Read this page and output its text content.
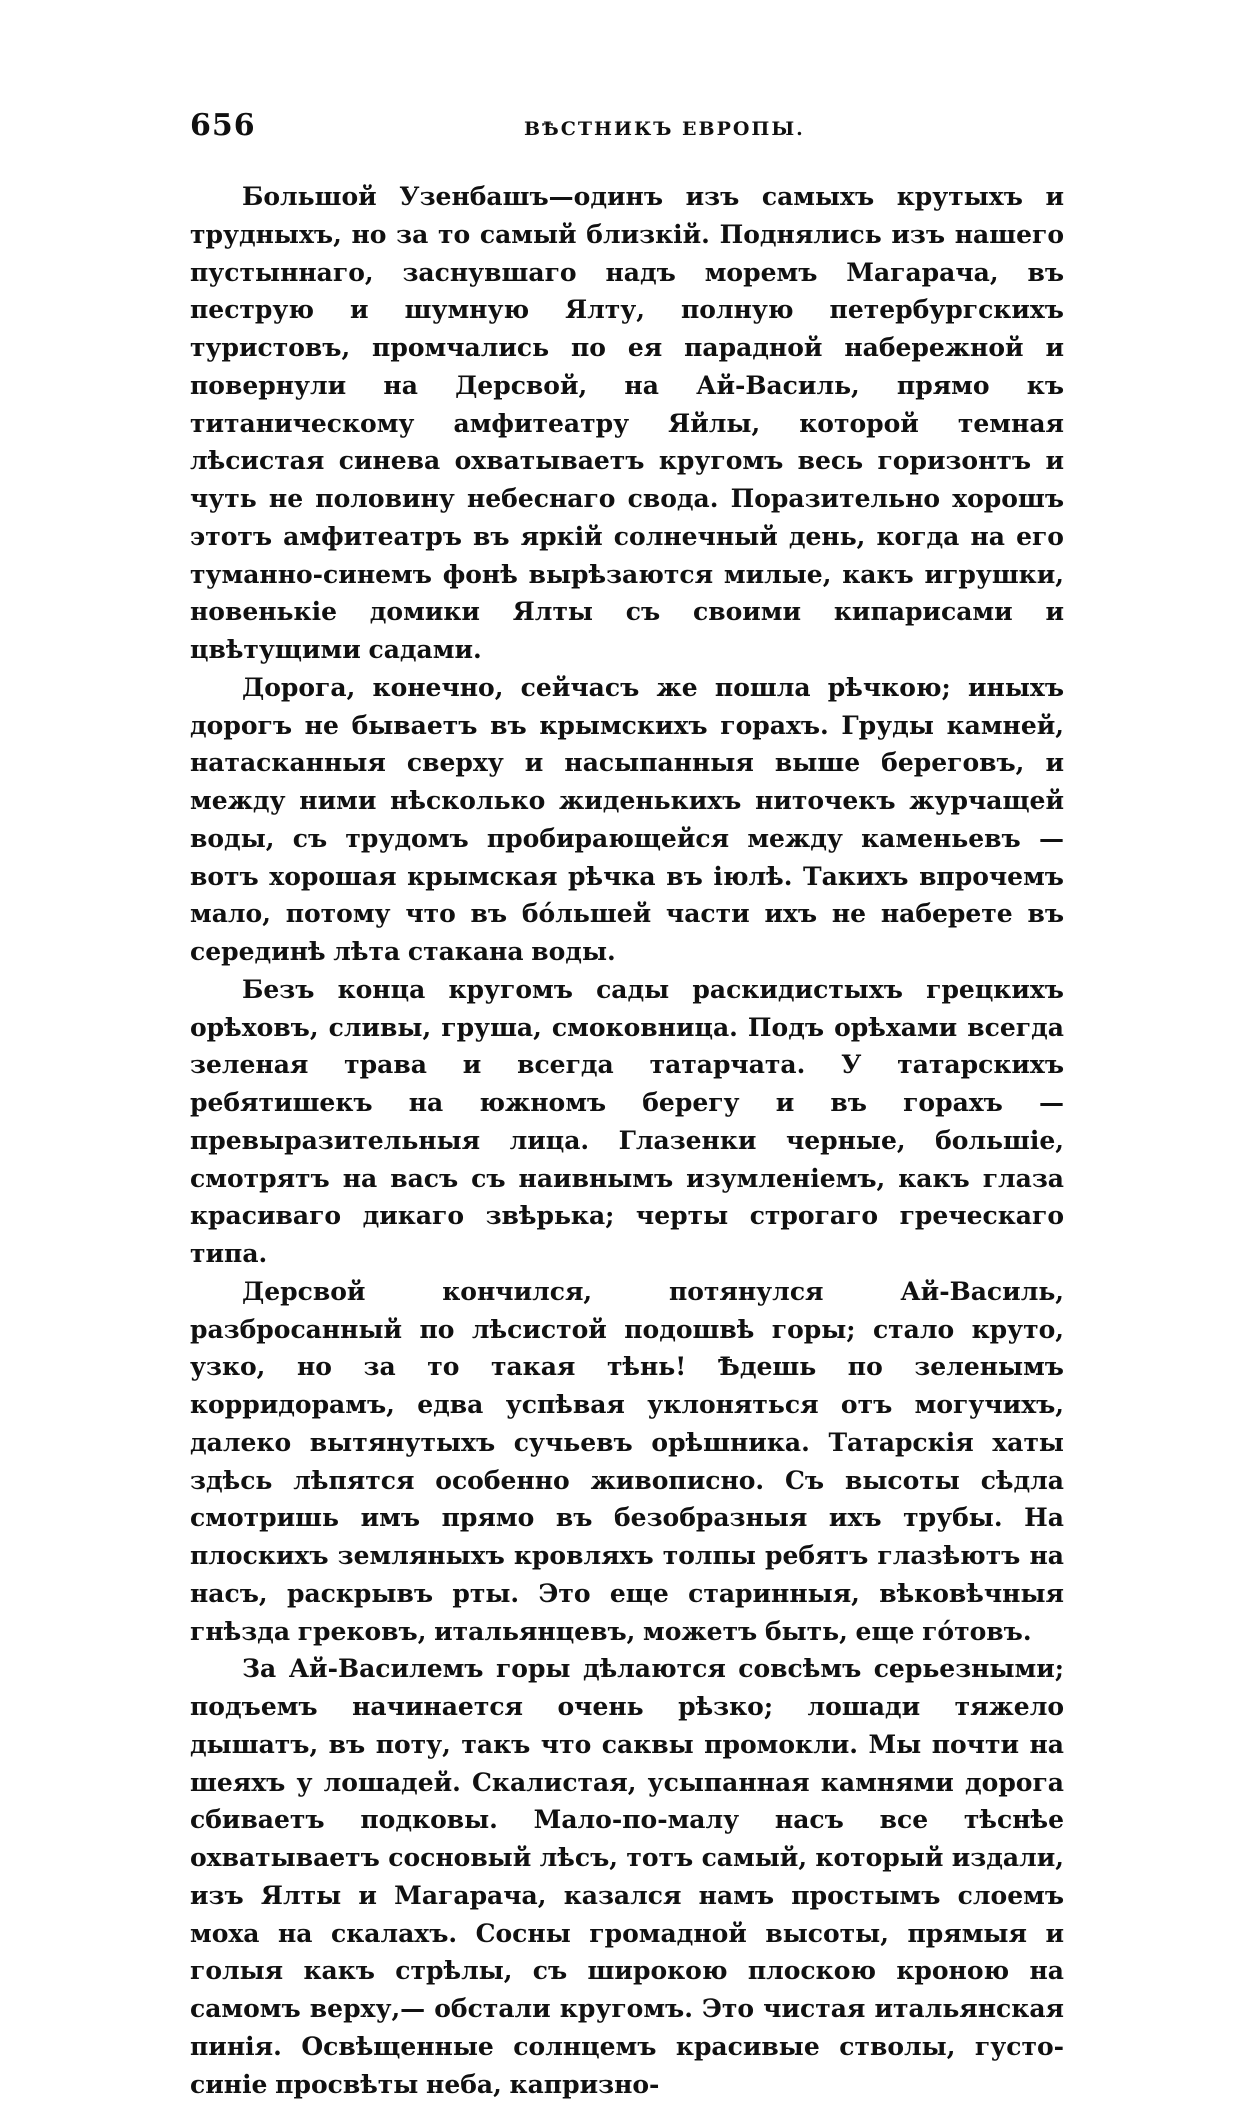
656	ВѢСТНИКЪ ЕВРОПЫ.

Большой Узенбашъ—одинъ изъ самыхъ крутыхъ и трудныхъ, но за то самый близкій. Поднялись изъ нашего пустыннаго, заснувшаго надъ моремъ Магарача, въ пеструю и шумную Ялту, полную петербургскихъ туристовъ, промчались по ея парадной набережной и повернули на Дерсвой, на Ай-Василь, прямо къ титаническому амфитеатру Яйлы, которой темная лѣсистая синева охватываетъ кругомъ весь горизонтъ и чуть не половину небеснаго свода. Поразительно хорошъ этотъ амфитеатръ въ яркій солнечный день, когда на его туманно-синемъ фонѣ вырѣзаются милые, какъ игрушки, новенькіе домики Ялты съ своими кипарисами и цвѣтущими садами.

Дорога, конечно, сейчасъ же пошла рѣчкою; иныхъ дорогъ не бываетъ въ крымскихъ горахъ. Груды камней, натасканныя сверху и насыпанныя выше береговъ, и между ними нѣсколько жиденькихъ ниточекъ журчащей воды, съ трудомъ пробирающейся между каменьевъ — вотъ хорошая крымская рѣчка въ іюлѣ. Такихъ впрочемъ мало, потому что въ бо́льшей части ихъ не наберете въ серединѣ лѣта стакана воды.

Безъ конца кругомъ сады раскидистыхъ грецкихъ орѣховъ, сливы, груша, смоковница. Подъ орѣхами всегда зеленая трава и всегда татарчата. У татарскихъ ребятишекъ на южномъ берегу и въ горахъ — превыразительныя лица. Глазенки черные, большіе, смотрятъ на васъ съ наивнымъ изумленіемъ, какъ глаза красиваго дикаго звѣрька; черты строгаго греческаго типа.

Дерсвой кончился, потянулся Ай-Василь, разбросанный по лѣсистой подошвѣ горы; стало круто, узко, но за то такая тѣнь! Ѣдешь по зеленымъ корридорамъ, едва успѣвая уклоняться отъ могучихъ, далеко вытянутыхъ сучьевъ орѣшника. Татарскія хаты здѣсь лѣпятся особенно живописно. Съ высоты сѣдла смотришь имъ прямо въ безобразныя ихъ трубы. На плоскихъ земляныхъ кровляхъ толпы ребятъ глазѣютъ на насъ, раскрывъ рты. Это еще старинныя, вѣковѣчныя гнѣзда грековъ, итальянцевъ, можетъ быть, еще го́товъ.

За Ай-Василемъ горы дѣлаются совсѣмъ серьезными; подъемъ начинается очень рѣзко; лошади тяжело дышатъ, въ поту, такъ что саквы промокли. Мы почти на шеяхъ у лошадей. Скалистая, усыпанная камнями дорога сбиваетъ подковы. Мало-по-малу насъ все тѣснѣе охватываетъ сосновый лѣсъ, тотъ самый, который издали, изъ Ялты и Магарача, казался намъ простымъ слоемъ моха на скалахъ. Сосны громадной высоты, прямыя и голыя какъ стрѣлы, съ широкою плоскою кроною на самомъ верху,— обстали кругомъ. Это чистая итальянская пинія. Освѣщенные солнцемъ красивые стволы, густо-синіе просвѣты неба, капризно-
